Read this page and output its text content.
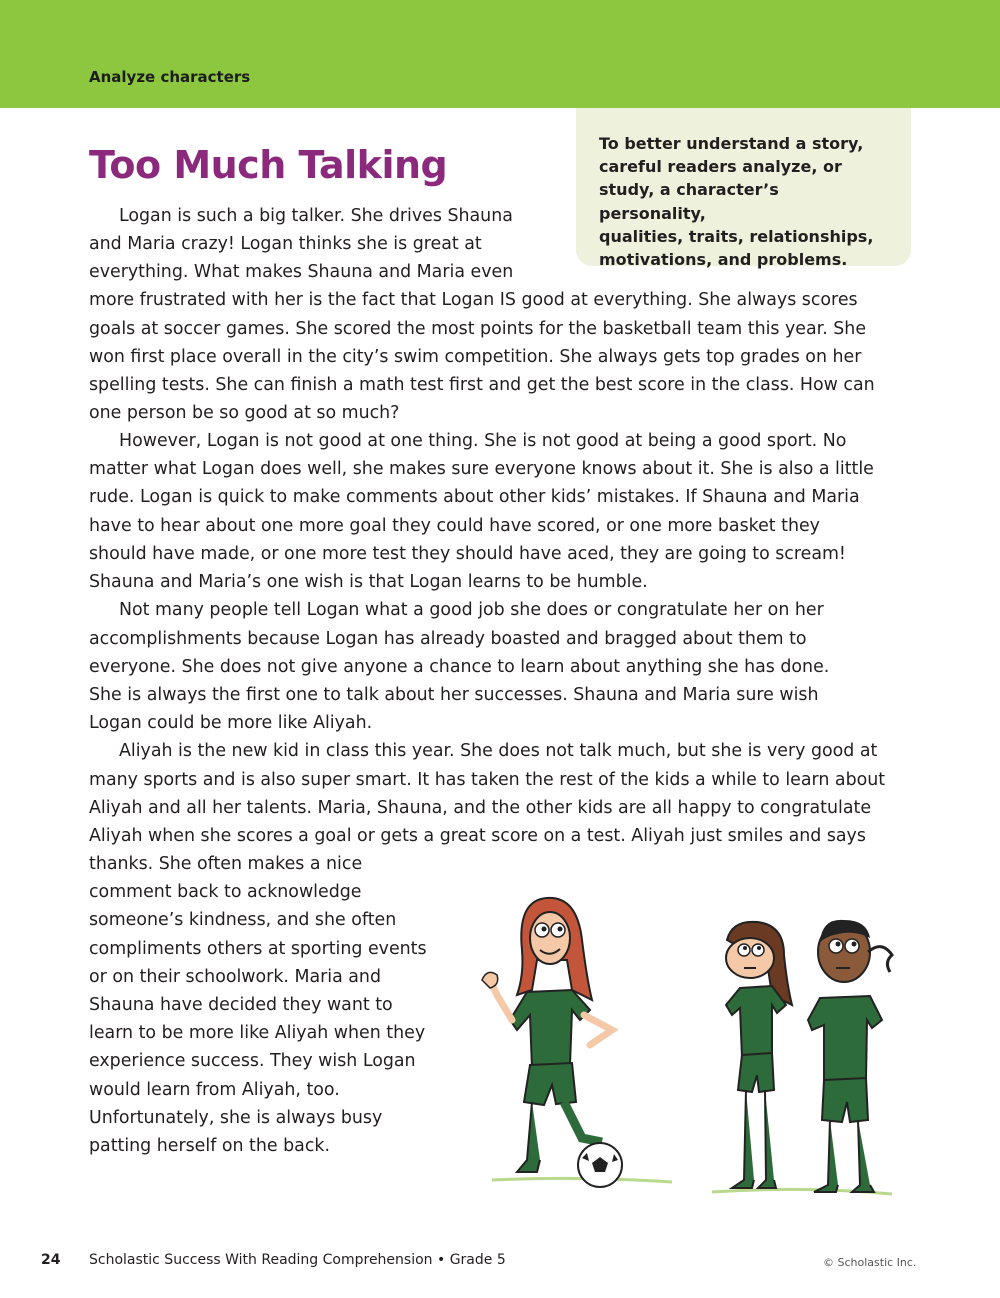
Analyze characters
To better understand a story,
careful readers analyze, or
study, a character’s personality,
qualities, traits, relationships,
motivations, and problems.
Too Much Talking
Logan is such a big talker. She drives Shauna
and Maria crazy! Logan thinks she is great at
everything. What makes Shauna and Maria even
more frustrated with her is the fact that Logan IS good at everything. She always scores
goals at soccer games. She scored the most points for the basketball team this year. She
won first place overall in the city’s swim competition. She always gets top grades on her
spelling tests. She can finish a math test first and get the best score in the class. How can
one person be so good at so much?
However, Logan is not good at one thing. She is not good at being a good sport. No
matter what Logan does well, she makes sure everyone knows about it. She is also a little
rude. Logan is quick to make comments about other kids’ mistakes. If Shauna and Maria
have to hear about one more goal they could have scored, or one more basket they
should have made, or one more test they should have aced, they are going to scream!
Shauna and Maria’s one wish is that Logan learns to be humble.
Not many people tell Logan what a good job she does or congratulate her on her
accomplishments because Logan has already boasted and bragged about them to
everyone. She does not give anyone a chance to learn about anything she has done.
She is always the first one to talk about her successes. Shauna and Maria sure wish
Logan could be more like Aliyah.
Aliyah is the new kid in class this year. She does not talk much, but she is very good at
many sports and is also super smart. It has taken the rest of the kids a while to learn about
Aliyah and all her talents. Maria, Shauna, and the other kids are all happy to congratulate
Aliyah when she scores a goal or gets a great score on a test. Aliyah just smiles and says
thanks. She often makes a nice
comment back to acknowledge
someone’s kindness, and she often
compliments others at sporting events
or on their schoolwork. Maria and
Shauna have decided they want to
learn to be more like Aliyah when they
experience success. They wish Logan
would learn from Aliyah, too.
Unfortunately, she is always busy
patting herself on the back.
24 Scholastic Success With Reading Comprehension • Grade 5	© Scholastic Inc.
